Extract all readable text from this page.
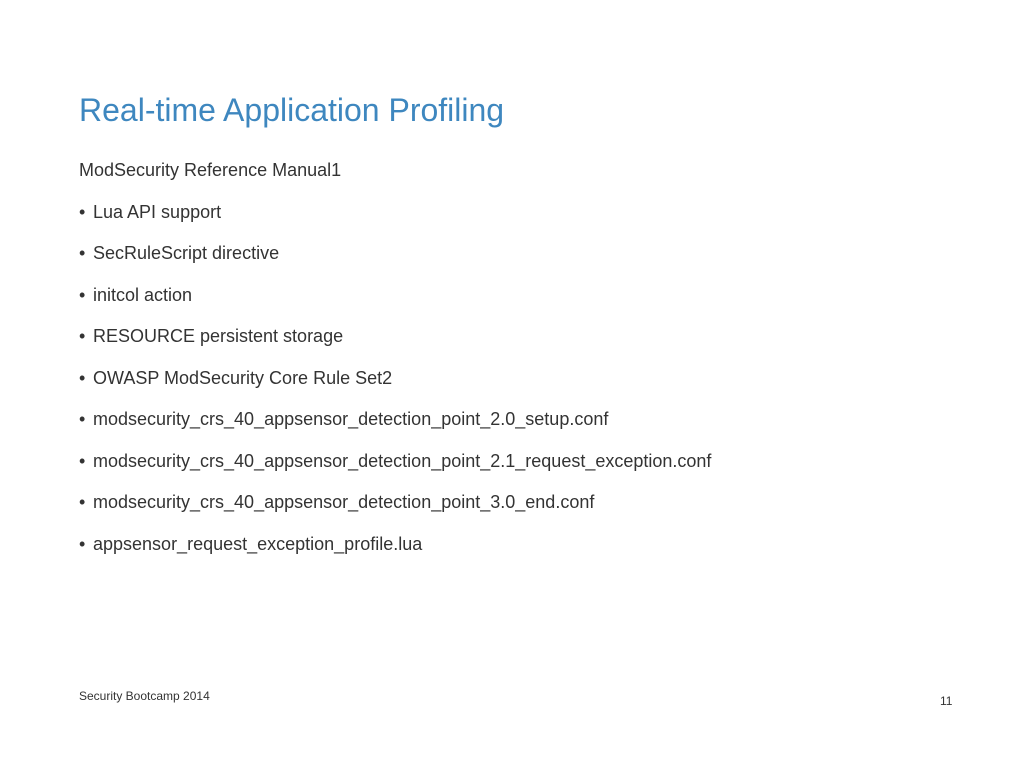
Real-time Application Profiling

ModSecurity Reference Manual1

• Lua API support
• SecRuleScript directive
• initcol action
• RESOURCE persistent storage
• OWASP ModSecurity Core Rule Set2
• modsecurity_crs_40_appsensor_detection_point_2.0_setup.conf
• modsecurity_crs_40_appsensor_detection_point_2.1_request_exception.conf
• modsecurity_crs_40_appsensor_detection_point_3.0_end.conf
• appsensor_request_exception_profile.lua
Security Bootcamp 2014	11
